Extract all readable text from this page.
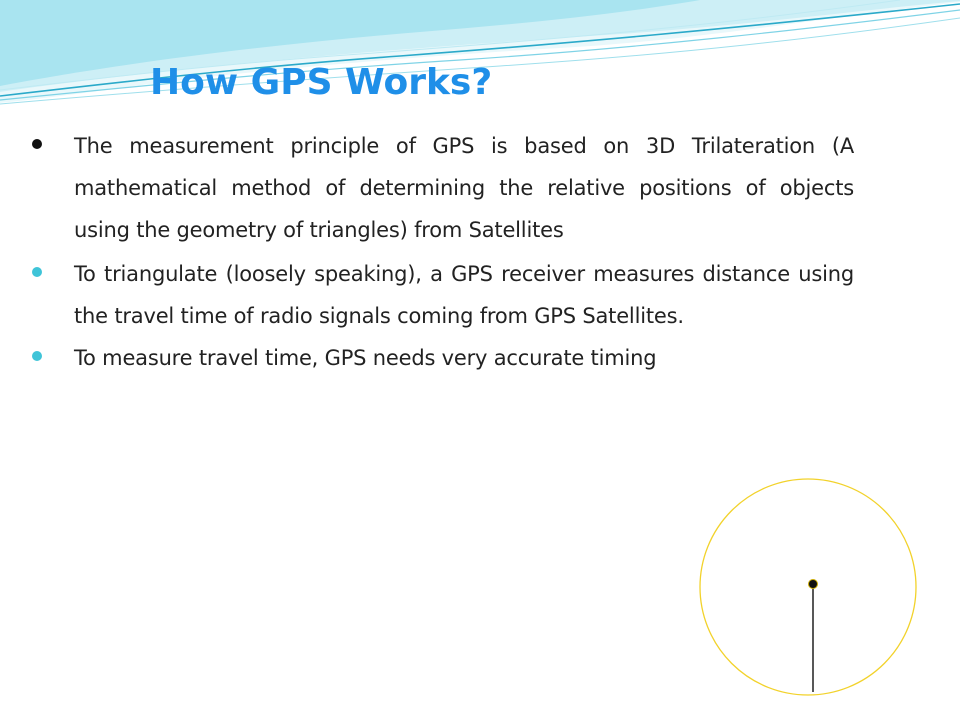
How GPS Works?
The measurement principle of GPS is based on 3D Trilateration (A mathematical method of determining the relative positions of objects using the geometry of triangles) from Satellites
To triangulate (loosely speaking), a GPS receiver measures distance using the travel time of radio signals coming from GPS Satellites.
To measure travel time, GPS needs very accurate timing
